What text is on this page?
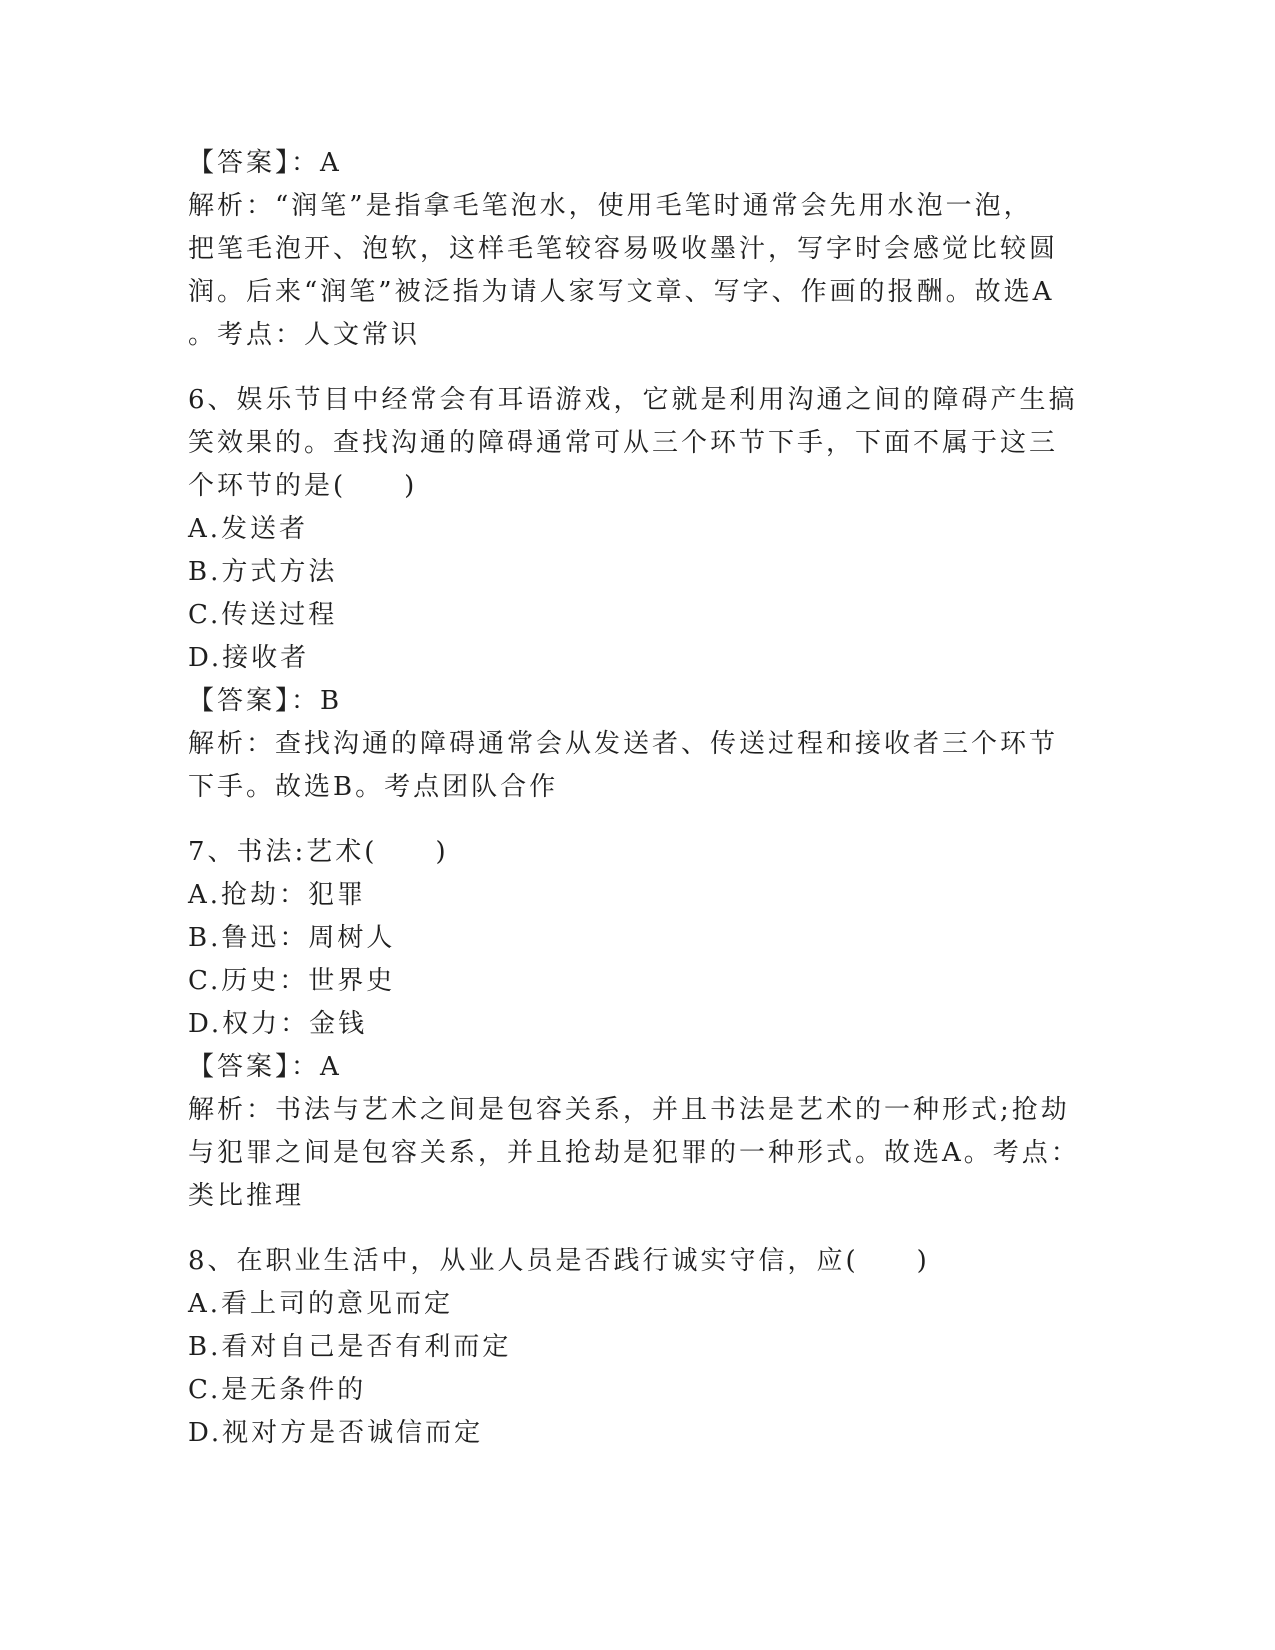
【答案】：A
解析：“润笔”是指拿毛笔泡水，使用毛笔时通常会先用水泡一泡，
把笔毛泡开、泡软，这样毛笔较容易吸收墨汁，写字时会感觉比较圆
润。后来“润笔”被泛指为请人家写文章、写字、作画的报酬。故选A
。考点：人文常识
6、娱乐节目中经常会有耳语游戏，它就是利用沟通之间的障碍产生搞
笑效果的。查找沟通的障碍通常可从三个环节下手，下面不属于这三
个环节的是(　　)
A.发送者
B.方式方法
C.传送过程
D.接收者
【答案】：B
解析：查找沟通的障碍通常会从发送者、传送过程和接收者三个环节
下手。故选B。考点团队合作
7、书法:艺术(　　)
A.抢劫：犯罪
B.鲁迅：周树人
C.历史：世界史
D.权力：金钱
【答案】：A
解析：书法与艺术之间是包容关系，并且书法是艺术的一种形式;抢劫
与犯罪之间是包容关系，并且抢劫是犯罪的一种形式。故选A。考点：
类比推理
8、在职业生活中，从业人员是否践行诚实守信，应(　　)
A.看上司的意见而定
B.看对自己是否有利而定
C.是无条件的
D.视对方是否诚信而定
